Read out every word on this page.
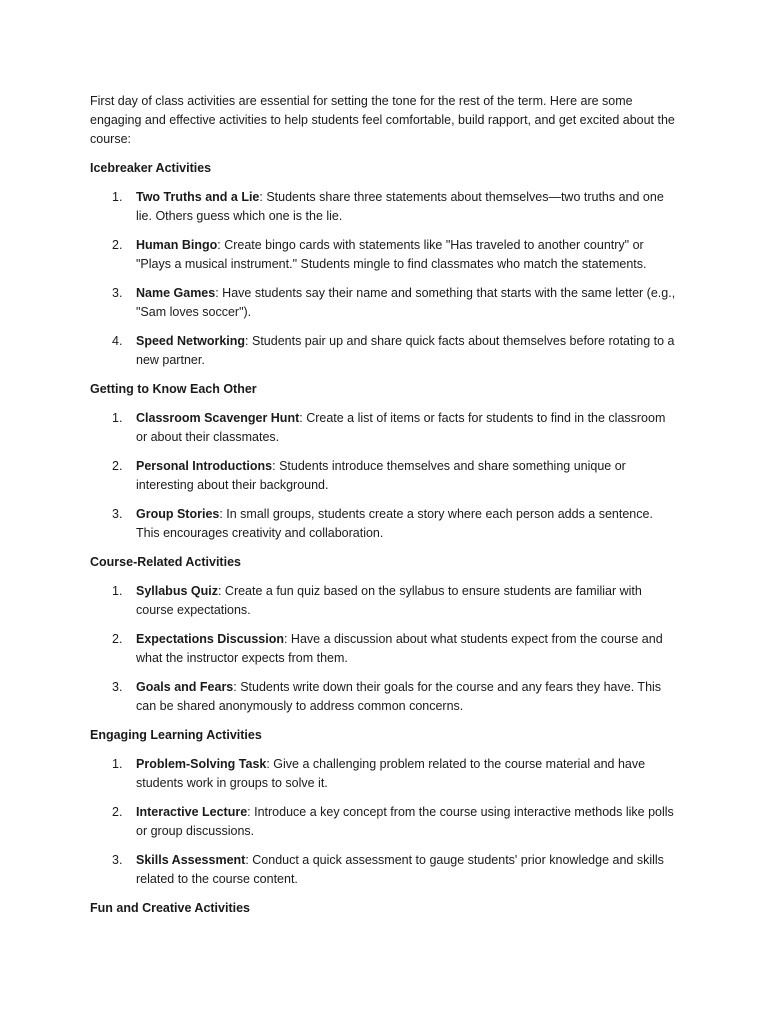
First day of class activities are essential for setting the tone for the rest of the term. Here are some engaging and effective activities to help students feel comfortable, build rapport, and get excited about the course:

Icebreaker Activities

1. Two Truths and a Lie: Students share three statements about themselves—two truths and one lie. Others guess which one is the lie.
2. Human Bingo: Create bingo cards with statements like "Has traveled to another country" or "Plays a musical instrument." Students mingle to find classmates who match the statements.
3. Name Games: Have students say their name and something that starts with the same letter (e.g., "Sam loves soccer").
4. Speed Networking: Students pair up and share quick facts about themselves before rotating to a new partner.

Getting to Know Each Other

1. Classroom Scavenger Hunt: Create a list of items or facts for students to find in the classroom or about their classmates.
2. Personal Introductions: Students introduce themselves and share something unique or interesting about their background.
3. Group Stories: In small groups, students create a story where each person adds a sentence. This encourages creativity and collaboration.

Course-Related Activities

1. Syllabus Quiz: Create a fun quiz based on the syllabus to ensure students are familiar with course expectations.
2. Expectations Discussion: Have a discussion about what students expect from the course and what the instructor expects from them.
3. Goals and Fears: Students write down their goals for the course and any fears they have. This can be shared anonymously to address common concerns.

Engaging Learning Activities

1. Problem-Solving Task: Give a challenging problem related to the course material and have students work in groups to solve it.
2. Interactive Lecture: Introduce a key concept from the course using interactive methods like polls or group discussions.
3. Skills Assessment: Conduct a quick assessment to gauge students' prior knowledge and skills related to the course content.

Fun and Creative Activities
